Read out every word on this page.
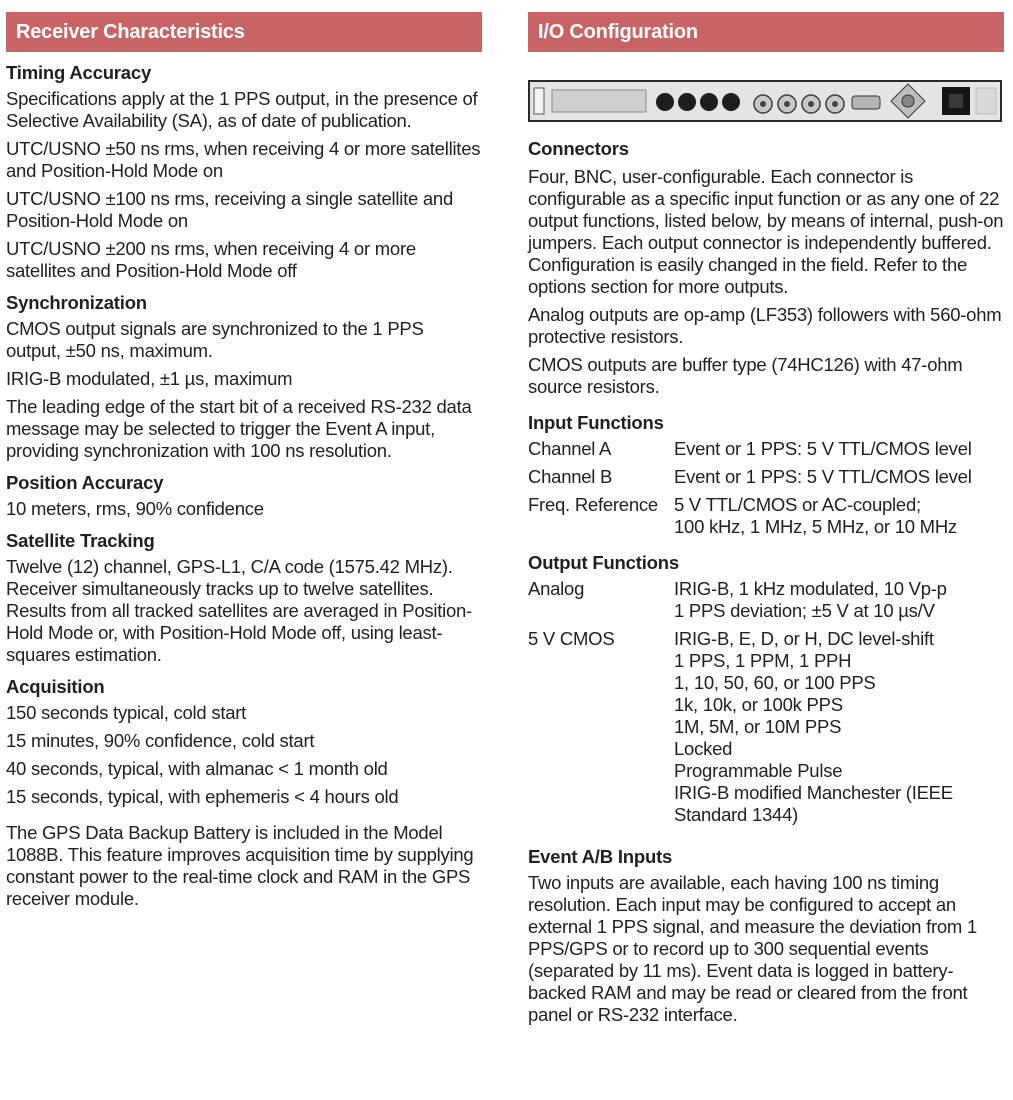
Receiver Characteristics
Timing Accuracy

Specifications apply at the 1 PPS output, in the presence of Selective Availability (SA), as of date of publication.

UTC/USNO ±50 ns rms, when receiving 4 or more satellites and Position-Hold Mode on

UTC/USNO ±100 ns rms, receiving a single satellite and Position-Hold Mode on

UTC/USNO ±200 ns rms, when receiving 4 or more satellites and Position-Hold Mode off

Synchronization

CMOS output signals are synchronized to the 1 PPS output, ±50 ns, maximum.

IRIG-B modulated, ±1 µs, maximum

The leading edge of the start bit of a received RS-232 data message may be selected to trigger the Event A input, providing synchronization with 100 ns resolution.

Position Accuracy

10 meters, rms, 90% confidence

Satellite Tracking

Twelve (12) channel, GPS-L1, C/A code (1575.42 MHz). Receiver simultaneously tracks up to twelve satellites. Results from all tracked satellites are averaged in Position-Hold Mode or, with Position-Hold Mode off, using least-squares estimation.

Acquisition

150 seconds typical, cold start

15 minutes, 90% confidence, cold start

40 seconds, typical, with almanac < 1 month old

15 seconds, typical, with ephemeris < 4 hours old

The GPS Data Backup Battery is included in the Model 1088B. This feature improves acquisition time by supplying constant power to the real-time clock and RAM in the GPS receiver module.

I/O Configuration
Connectors

Four, BNC, user-configurable. Each connector is configurable as a specific input function or as any one of 22 output functions, listed below, by means of internal, push-on jumpers. Each output connector is independently buffered. Configuration is easily changed in the field. Refer to the options section for more outputs.

Analog outputs are op-amp (LF353) followers with 560-ohm protective resistors.

CMOS outputs are buffer type (74HC126) with 47-ohm source resistors.

Input Functions
Channel A	Event or 1 PPS: 5 V TTL/CMOS level
Channel B	Event or 1 PPS: 5 V TTL/CMOS level
Freq. Reference 5 V TTL/CMOS or AC-coupled;
100 kHz, 1 MHz, 5 MHz, or 10 MHz
Output Functions
Analog	IRIG-B, 1 kHz modulated, 10 Vp-p
1 PPS deviation; ±5 V at 10 µs/V
5 V CMOS	IRIG-B, E, D, or H, DC level-shift
1 PPS, 1 PPM, 1 PPH
1, 10, 50, 60, or 100 PPS
1k, 10k, or 100k PPS
1M, 5M, or 10M PPS
Locked
Programmable Pulse
IRIG-B modified Manchester (IEEE
Standard 1344)
Event A/B Inputs

Two inputs are available, each having 100 ns timing resolution. Each input may be configured to accept an external 1 PPS signal, and measure the deviation from 1 PPS/GPS or to record up to 300 sequential events (separated by 11 ms). Event data is logged in battery-backed RAM and may be read or cleared from the front panel or RS-232 interface.
